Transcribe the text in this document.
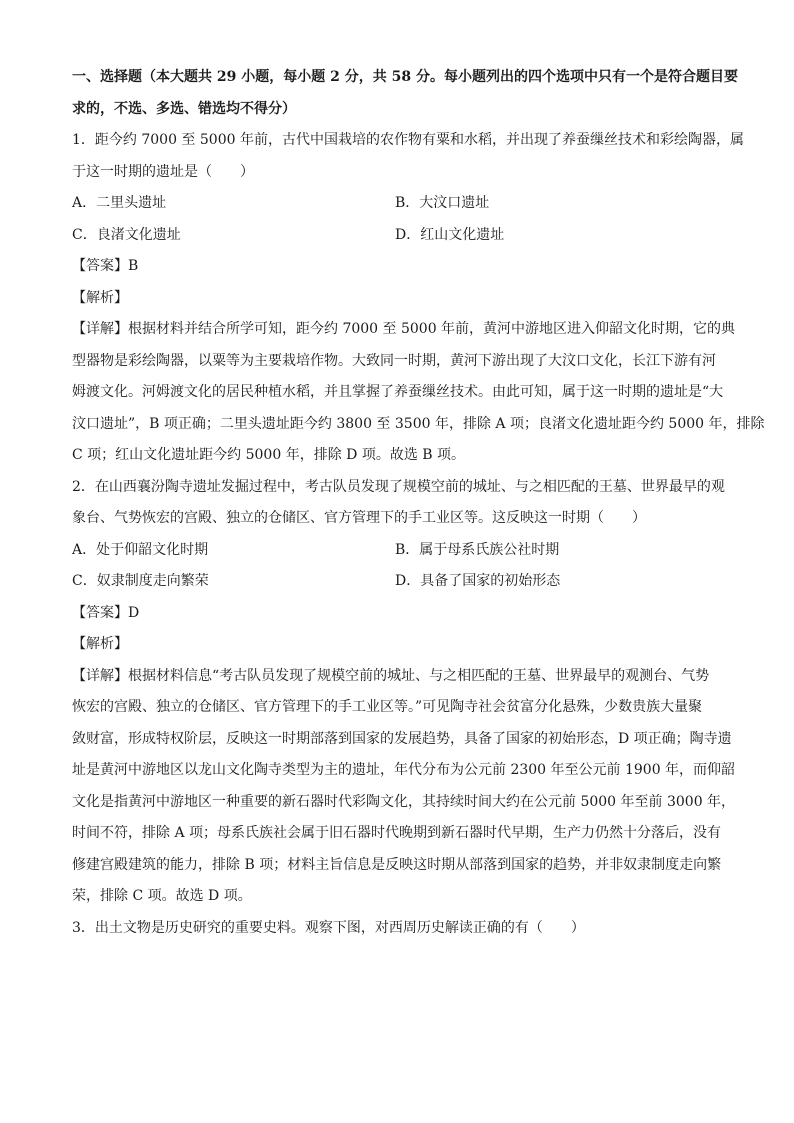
一、选择题（本大题共 29 小题，每小题 2 分，共 58 分。每小题列出的四个选项中只有一个是符合题目要
求的，不选、多选、错选均不得分）
1．距今约 7000 至 5000 年前，古代中国栽培的农作物有粟和水稻，并出现了养蚕缫丝技术和彩绘陶器，属
于这一时期的遗址是（　　）
A．二里头遗址	B．大汶口遗址
C．良渚文化遗址	D．红山文化遗址
【答案】B
【解析】
【详解】根据材料并结合所学可知，距今约 7000 至 5000 年前，黄河中游地区进入仰韶文化时期，它的典
型器物是彩绘陶器，以粟等为主要栽培作物。大致同一时期，黄河下游出现了大汶口文化，长江下游有河
姆渡文化。河姆渡文化的居民种植水稻，并且掌握了养蚕缫丝技术。由此可知，属于这一时期的遗址是“大
汶口遗址”，B 项正确；二里头遗址距今约 3800 至 3500 年，排除 A 项；良渚文化遗址距今约 5000 年，排除
C 项；红山文化遗址距今约 5000 年，排除 D 项。故选 B 项。
2．在山西襄汾陶寺遗址发掘过程中，考古队员发现了规模空前的城址、与之相匹配的王墓、世界最早的观
象台、气势恢宏的宫殿、独立的仓储区、官方管理下的手工业区等。这反映这一时期（　　）
A．处于仰韶文化时期	B．属于母系氏族公社时期
C．奴隶制度走向繁荣	D．具备了国家的初始形态
【答案】D
【解析】
【详解】根据材料信息“考古队员发现了规模空前的城址、与之相匹配的王墓、世界最早的观测台、气势
恢宏的宫殿、独立的仓储区、官方管理下的手工业区等。”可见陶寺社会贫富分化悬殊，少数贵族大量聚
敛财富，形成特权阶层，反映这一时期部落到国家的发展趋势，具备了国家的初始形态，D 项正确；陶寺遗
址是黄河中游地区以龙山文化陶寺类型为主的遗址，年代分布为公元前 2300 年至公元前 1900 年，而仰韶
文化是指黄河中游地区一种重要的新石器时代彩陶文化，其持续时间大约在公元前 5000 年至前 3000 年，
时间不符，排除 A 项；母系氏族社会属于旧石器时代晚期到新石器时代早期，生产力仍然十分落后，没有
修建宫殿建筑的能力，排除 B 项；材料主旨信息是反映这时期从部落到国家的趋势，并非奴隶制度走向繁
荣，排除 C 项。故选 D 项。
3．出土文物是历史研究的重要史料。观察下图，对西周历史解读正确的有（　　）
